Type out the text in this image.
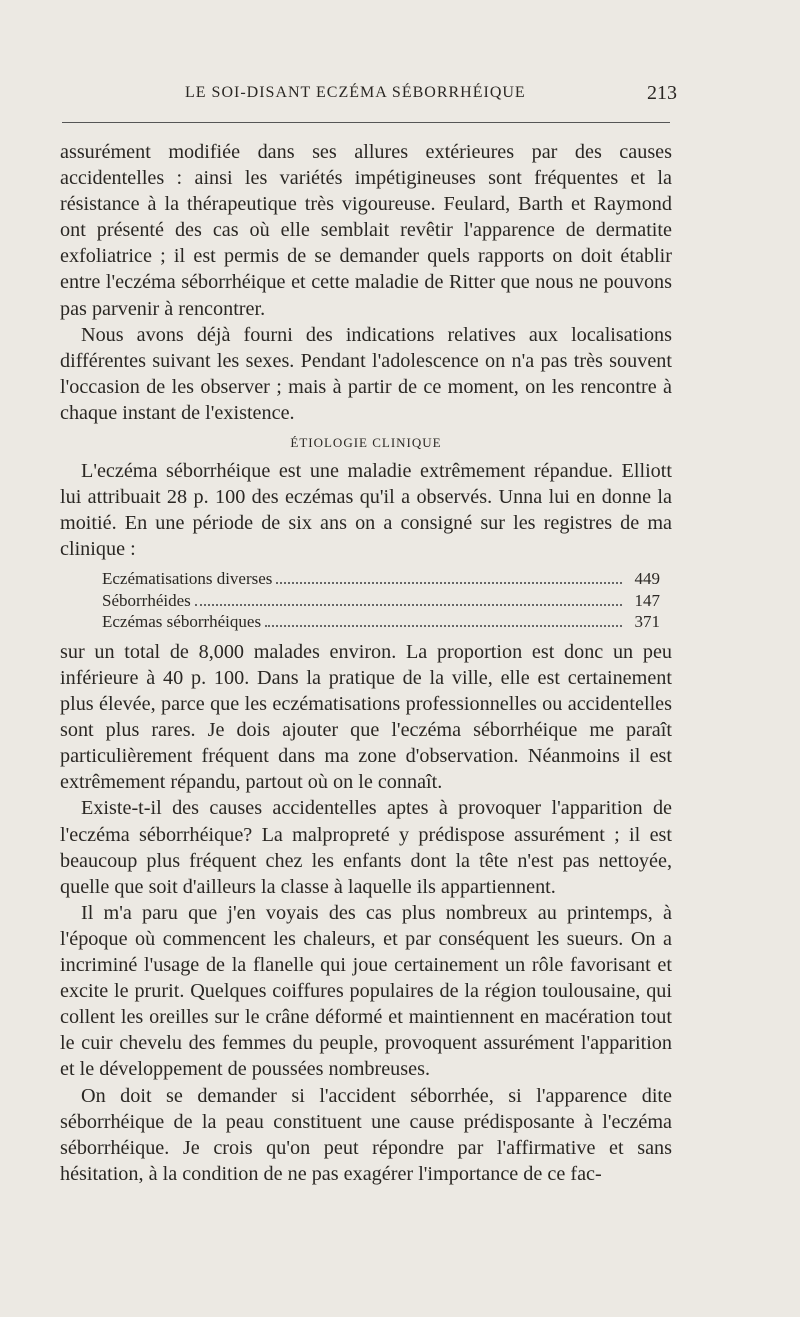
LE SOI-DISANT ECZÉMA SÉBORRHÉIQUE	213

assurément modifiée dans ses allures extérieures par des causes accidentelles : ainsi les variétés impétigineuses sont fréquentes et la résistance à la thérapeutique très vigoureuse. Feulard, Barth et Raymond ont présenté des cas où elle semblait revêtir l'apparence de dermatite exfoliatrice ; il est permis de se demander quels rapports on doit établir entre l'eczéma séborrhéique et cette maladie de Ritter que nous ne pouvons pas parvenir à rencontrer.

Nous avons déjà fourni des indications relatives aux localisations différentes suivant les sexes. Pendant l'adolescence on n'a pas très souvent l'occasion de les observer ; mais à partir de ce moment, on les rencontre à chaque instant de l'existence.

ÉTIOLOGIE CLINIQUE

L'eczéma séborrhéique est une maladie extrêmement répandue. Elliott lui attribuait 28 p. 100 des eczémas qu'il a observés. Unna lui en donne la moitié. En une période de six ans on a consigné sur les registres de ma clinique :

Eczématisations diverses	449
Séborrhéides	147
Eczémas séborrhéiques	371

sur un total de 8,000 malades environ. La proportion est donc un peu inférieure à 40 p. 100. Dans la pratique de la ville, elle est certainement plus élevée, parce que les eczématisations professionnelles ou accidentelles sont plus rares. Je dois ajouter que l'eczéma séborrhéique me paraît particulièrement fréquent dans ma zone d'observation. Néanmoins il est extrêmement répandu, partout où on le connaît.

Existe-t-il des causes accidentelles aptes à provoquer l'apparition de l'eczéma séborrhéique? La malpropreté y prédispose assurément ; il est beaucoup plus fréquent chez les enfants dont la tête n'est pas nettoyée, quelle que soit d'ailleurs la classe à laquelle ils appartiennent.

Il m'a paru que j'en voyais des cas plus nombreux au printemps, à l'époque où commencent les chaleurs, et par conséquent les sueurs. On a incriminé l'usage de la flanelle qui joue certainement un rôle favorisant et excite le prurit. Quelques coiffures populaires de la région toulousaine, qui collent les oreilles sur le crâne déformé et maintiennent en macération tout le cuir chevelu des femmes du peuple, provoquent assurément l'apparition et le développement de poussées nombreuses.

On doit se demander si l'accident séborrhée, si l'apparence dite séborrhéique de la peau constituent une cause prédisposante à l'eczéma séborrhéique. Je crois qu'on peut répondre par l'affirmative et sans hésitation, à la condition de ne pas exagérer l'importance de ce fac-
